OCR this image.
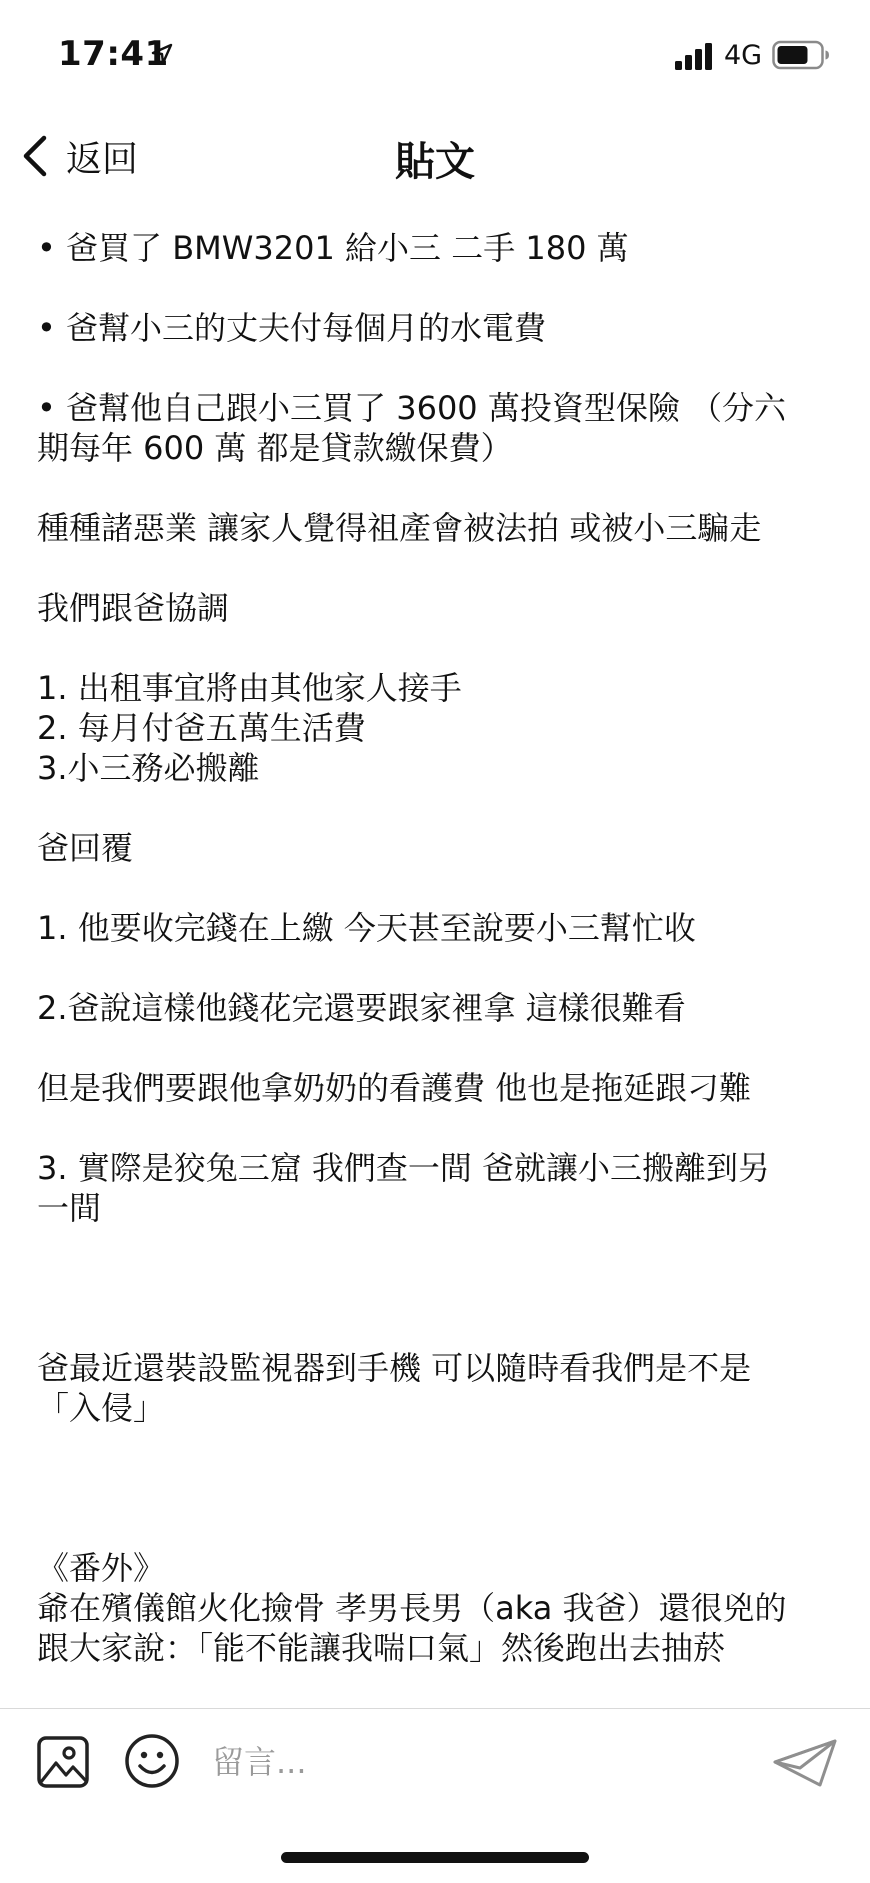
17:41	4G
返回	貼文
• 爸買了 BMW3201 給小三 二手 180 萬
• 爸幫小三的丈夫付每個月的水電費
• 爸幫他自己跟小三買了 3600 萬投資型保險 （分六
期每年 600 萬 都是貸款繳保費）
種種諸惡業 讓家人覺得祖產會被法拍 或被小三騙走
我們跟爸協調
1. 出租事宜將由其他家人接手
2. 每月付爸五萬生活費
3.小三務必搬離
爸回覆
1. 他要收完錢在上繳 今天甚至說要小三幫忙收
2.爸說這樣他錢花完還要跟家裡拿 這樣很難看
但是我們要跟他拿奶奶的看護費 他也是拖延跟刁難
3. 實際是狡兔三窟 我們查一間 爸就讓小三搬離到另
一間
爸最近還裝設監視器到手機 可以隨時看我們是不是
「入侵」
《番外》
爺在殯儀館火化撿骨 孝男長男（aka 我爸）還很兇的
跟大家說：「能不能讓我喘口氣」然後跑出去抽菸
留言...
